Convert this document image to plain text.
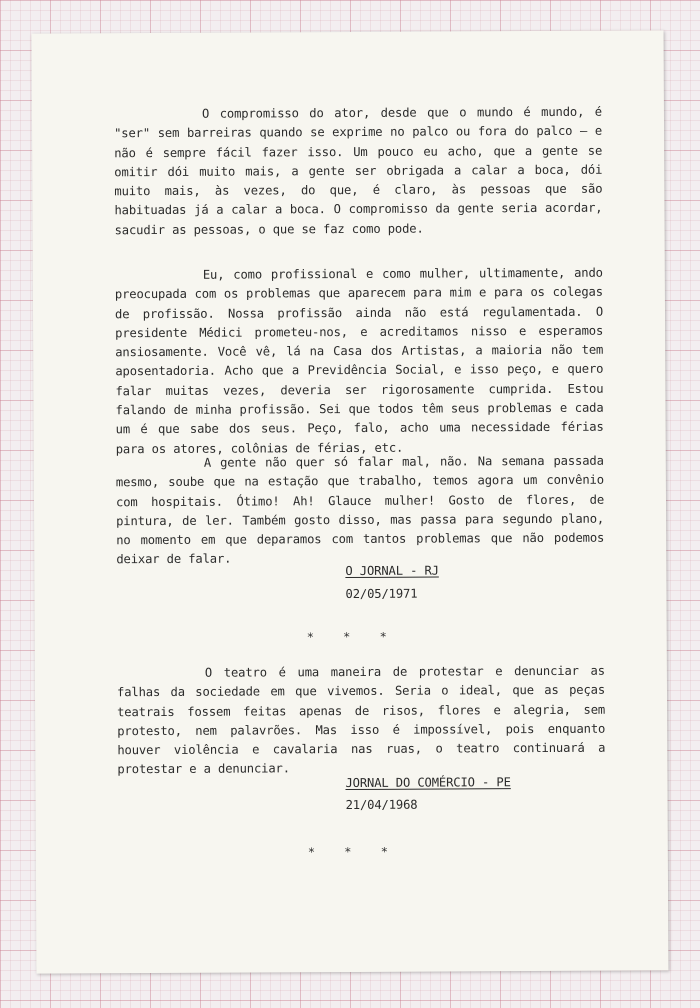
O compromisso do ator, desde que o mundo é mundo, é "ser" sem barreiras quando se exprime no palco ou fora do palco — e não é sempre fácil fazer isso. Um pouco eu acho, que a gente se omitir dói muito mais, a gente ser obrigada a calar a boca, dói muito mais, às vezes, do que, é claro, às pessoas que são habituadas já a calar a boca. O compromisso da gente seria acordar, sacudir as pessoas, o que se faz como pode.

Eu, como profissional e como mulher, ultimamente, ando preocupada com os problemas que aparecem para mim e para os colegas de profissão. Nossa profissão ainda não está regulamentada. O presidente Médici prometeu-nos, e acreditamos nisso e esperamos ansiosamente. Você vê, lá na Casa dos Artistas, a maioria não tem aposentadoria. Acho que a Previdência Social, e isso peço, e quero falar muitas vezes, deveria ser rigorosamente cumprida. Estou falando de minha profissão. Sei que todos têm seus problemas e cada um é que sabe dos seus. Peço, falo, acho uma necessidade férias para os atores, colônias de férias, etc.

A gente não quer só falar mal, não. Na semana passada mesmo, soube que na estação que trabalho, temos agora um convênio com hospitais. Ótimo! Ah! Glauce mulher! Gosto de flores, de pintura, de ler. Também gosto disso, mas passa para segundo plano, no momento em que deparamos com tantos problemas que não podemos deixar de falar.

O JORNAL - RJ

02/05/1971

* * *

O teatro é uma maneira de protestar e denunciar as falhas da sociedade em que vivemos. Seria o ideal, que as peças teatrais fossem feitas apenas de risos, flores e alegria, sem protesto, nem palavrões. Mas isso é impossível, pois enquanto houver violência e cavalaria nas ruas, o teatro continuará a protestar e a denunciar.

JORNAL DO COMÉRCIO - PE

21/04/1968

* * *
